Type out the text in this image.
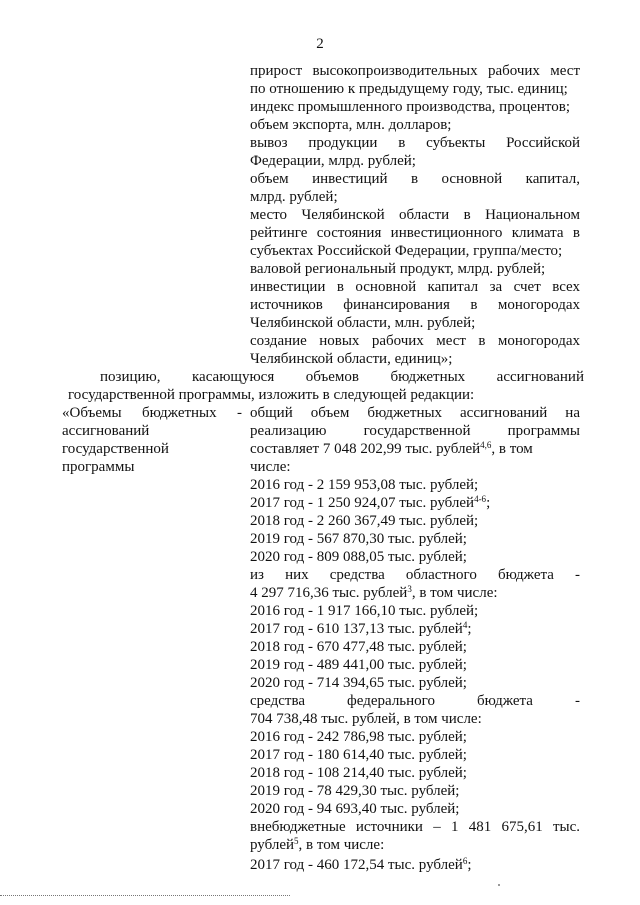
2
прирост высокопроизводительных рабочих мест
по отношению к предыдущему году, тыс. единиц;
индекс промышленного производства, процентов;
объем экспорта, млн. долларов;
вывоз продукции в субъекты Российской
Федерации, млрд. рублей;
объем инвестиций в основной капитал,
млрд. рублей;
место Челябинской области в Национальном
рейтинге состояния инвестиционного климата в
субъектах Российской Федерации, группа/место;
валовой региональный продукт, млрд. рублей;
инвестиции в основной капитал за счет всех
источников финансирования в моногородах
Челябинской области, млн. рублей;
создание новых рабочих мест в моногородах
Челябинской области, единиц»;
позицию, касающуюся объемов бюджетных ассигнований
государственной программы, изложить в следующей редакции:
«Объемы бюджетных -
ассигнований
государственной
программы
общий объем бюджетных ассигнований на
реализацию государственной программы
составляет 7 048 202,99 тыс. рублей$^{4,6}$, в том
числе:
2016 год - 2 159 953,08 тыс. рублей;
2017 год - 1 250 924,07 тыс. рублей$^{4-6}$;
2018 год - 2 260 367,49 тыс. рублей;
2019 год - 567 870,30 тыс. рублей;
2020 год - 809 088,05 тыс. рублей;
из них средства областного бюджета -
4 297 716,36 тыс. рублей$^3$, в том числе:
2016 год - 1 917 166,10 тыс. рублей;
2017 год - 610 137,13 тыс. рублей$^4$;
2018 год - 670 477,48 тыс. рублей;
2019 год - 489 441,00 тыс. рублей;
2020 год - 714 394,65 тыс. рублей;
средства федерального бюджета -
704 738,48 тыс. рублей, в том числе:
2016 год - 242 786,98 тыс. рублей;
2017 год - 180 614,40 тыс. рублей;
2018 год - 108 214,40 тыс. рублей;
2019 год - 78 429,30 тыс. рублей;
2020 год - 94 693,40 тыс. рублей;
внебюджетные источники – 1 481 675,61 тыс.
рублей$^5$, в том числе:
2017 год - 460 172,54 тыс. рублей$^6$;
